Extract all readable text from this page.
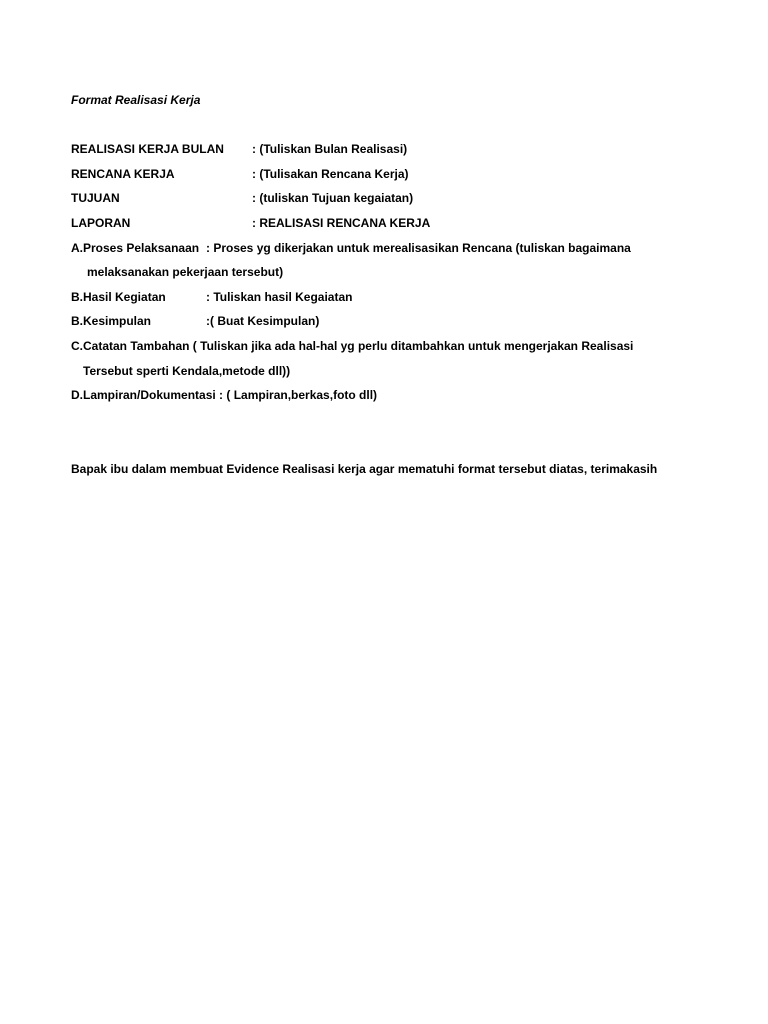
Format Realisasi Kerja
REALISASI KERJA BULAN : (Tuliskan Bulan Realisasi)
RENCANA KERJA	: (Tulisakan Rencana Kerja)
TUJUAN	: (tuliskan Tujuan kegaiatan)
LAPORAN	: REALISASI RENCANA KERJA
A.Proses Pelaksanaan : Proses yg dikerjakan untuk merealisasikan Rencana (tuliskan bagaimana
melaksanakan pekerjaan tersebut)
B.Hasil Kegiatan	: Tuliskan hasil Kegaiatan
B.Kesimpulan	:( Buat Kesimpulan)
C.Catatan Tambahan ( Tuliskan jika ada hal-hal yg perlu ditambahkan untuk mengerjakan Realisasi
Tersebut sperti Kendala,metode dll))
D.Lampiran/Dokumentasi : ( Lampiran,berkas,foto dll)
Bapak ibu dalam membuat Evidence Realisasi kerja agar mematuhi format tersebut diatas, terimakasih
